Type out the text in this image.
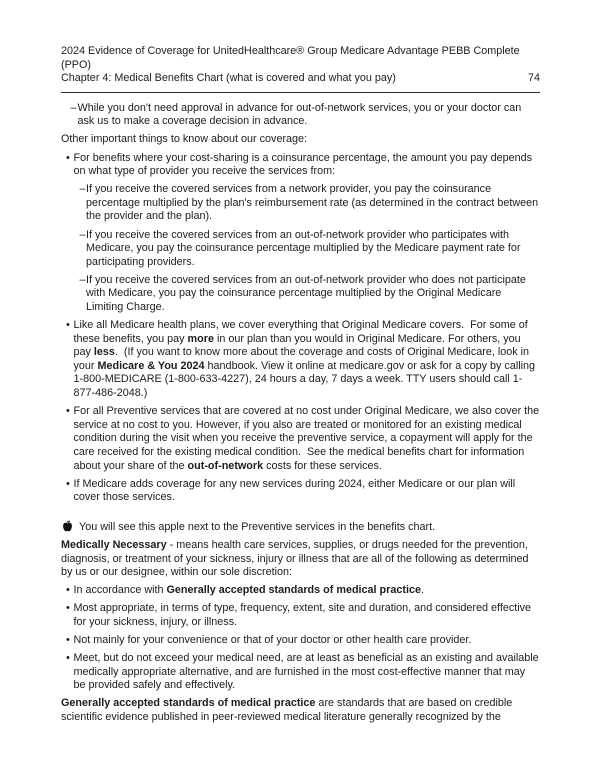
2024 Evidence of Coverage for UnitedHealthcare® Group Medicare Advantage PEBB Complete
(PPO)
Chapter 4: Medical Benefits Chart (what is covered and what you pay)	74
– While you don't need approval in advance for out-of-network services, you or your doctor can ask us to make a coverage decision in advance.
Other important things to know about our coverage:
• For benefits where your cost-sharing is a coinsurance percentage, the amount you pay depends on what type of provider you receive the services from:
– If you receive the covered services from a network provider, you pay the coinsurance percentage multiplied by the plan's reimbursement rate (as determined in the contract between the provider and the plan).
– If you receive the covered services from an out-of-network provider who participates with Medicare, you pay the coinsurance percentage multiplied by the Medicare payment rate for participating providers.
– If you receive the covered services from an out-of-network provider who does not participate with Medicare, you pay the coinsurance percentage multiplied by the Original Medicare Limiting Charge.
• Like all Medicare health plans, we cover everything that Original Medicare covers.  For some of these benefits, you pay more in our plan than you would in Original Medicare. For others, you pay less.  (If you want to know more about the coverage and costs of Original Medicare, look in your Medicare & You 2024 handbook. View it online at medicare.gov or ask for a copy by calling 1-800-MEDICARE (1-800-633-4227), 24 hours a day, 7 days a week. TTY users should call 1-877-486-2048.)
• For all Preventive services that are covered at no cost under Original Medicare, we also cover the service at no cost to you. However, if you also are treated or monitored for an existing medical condition during the visit when you receive the preventive service, a copayment will apply for the care received for the existing medical condition.  See the medical benefits chart for information about your share of the out-of-network costs for these services.
• If Medicare adds coverage for any new services during 2024, either Medicare or our plan will cover those services.
You will see this apple next to the Preventive services in the benefits chart.
Medically Necessary - means health care services, supplies, or drugs needed for the prevention, diagnosis, or treatment of your sickness, injury or illness that are all of the following as determined by us or our designee, within our sole discretion:
• In accordance with Generally accepted standards of medical practice.
• Most appropriate, in terms of type, frequency, extent, site and duration, and considered effective for your sickness, injury, or illness.
• Not mainly for your convenience or that of your doctor or other health care provider.
• Meet, but do not exceed your medical need, are at least as beneficial as an existing and available medically appropriate alternative, and are furnished in the most cost-effective manner that may be provided safely and effectively.
Generally accepted standards of medical practice are standards that are based on credible scientific evidence published in peer-reviewed medical literature generally recognized by the
